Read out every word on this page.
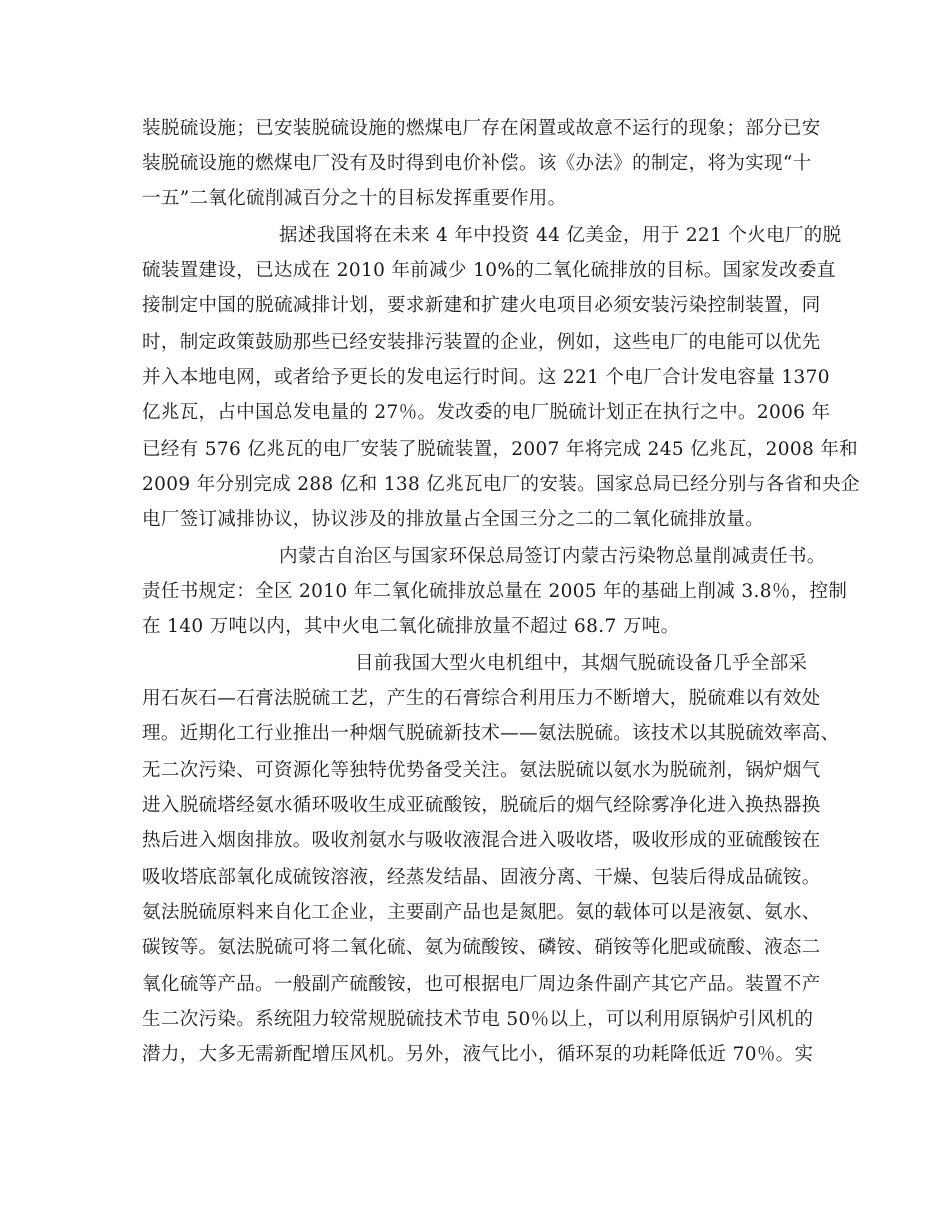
装脱硫设施；已安装脱硫设施的燃煤电厂存在闲置或故意不运行的现象；部分已安
装脱硫设施的燃煤电厂没有及时得到电价补偿。该《办法》的制定，将为实现“十
一五”二氧化硫削减百分之十的目标发挥重要作用。
据述我国将在未来 4 年中投资 44 亿美金，用于 221 个火电厂的脱
硫装置建设，已达成在 2010 年前减少 10%的二氧化硫排放的目标。国家发改委直
接制定中国的脱硫减排计划，要求新建和扩建火电项目必须安装污染控制装置，同
时，制定政策鼓励那些已经安装排污装置的企业，例如，这些电厂的电能可以优先
并入本地电网，或者给予更长的发电运行时间。这 221 个电厂合计发电容量 1370
亿兆瓦，占中国总发电量的 27％。发改委的电厂脱硫计划正在执行之中。2006 年
已经有 576 亿兆瓦的电厂安装了脱硫装置，2007 年将完成 245 亿兆瓦，2008 年和
2009 年分别完成 288 亿和 138 亿兆瓦电厂的安装。国家总局已经分别与各省和央企
电厂签订减排协议，协议涉及的排放量占全国三分之二的二氧化硫排放量。
内蒙古自治区与国家环保总局签订内蒙古污染物总量削减责任书。
责任书规定：全区 2010 年二氧化硫排放总量在 2005 年的基础上削减 3.8％，控制
在 140 万吨以内，其中火电二氧化硫排放量不超过 68.7 万吨。
目前我国大型火电机组中，其烟气脱硫设备几乎全部采
用石灰石—石膏法脱硫工艺，产生的石膏综合利用压力不断增大，脱硫难以有效处
理。近期化工行业推出一种烟气脱硫新技术——氨法脱硫。该技术以其脱硫效率高、
无二次污染、可资源化等独特优势备受关注。氨法脱硫以氨水为脱硫剂，锅炉烟气
进入脱硫塔经氨水循环吸收生成亚硫酸铵，脱硫后的烟气经除雾净化进入换热器换
热后进入烟囱排放。吸收剂氨水与吸收液混合进入吸收塔，吸收形成的亚硫酸铵在
吸收塔底部氧化成硫铵溶液，经蒸发结晶、固液分离、干燥、包装后得成品硫铵。
氨法脱硫原料来自化工企业，主要副产品也是氮肥。氨的载体可以是液氨、氨水、
碳铵等。氨法脱硫可将二氧化硫、氨为硫酸铵、磷铵、硝铵等化肥或硫酸、液态二
氧化硫等产品。一般副产硫酸铵，也可根据电厂周边条件副产其它产品。装置不产
生二次污染。系统阻力较常规脱硫技术节电 50％以上，可以利用原锅炉引风机的
潜力，大多无需新配增压风机。另外，液气比小，循环泵的功耗降低近 70％。实
